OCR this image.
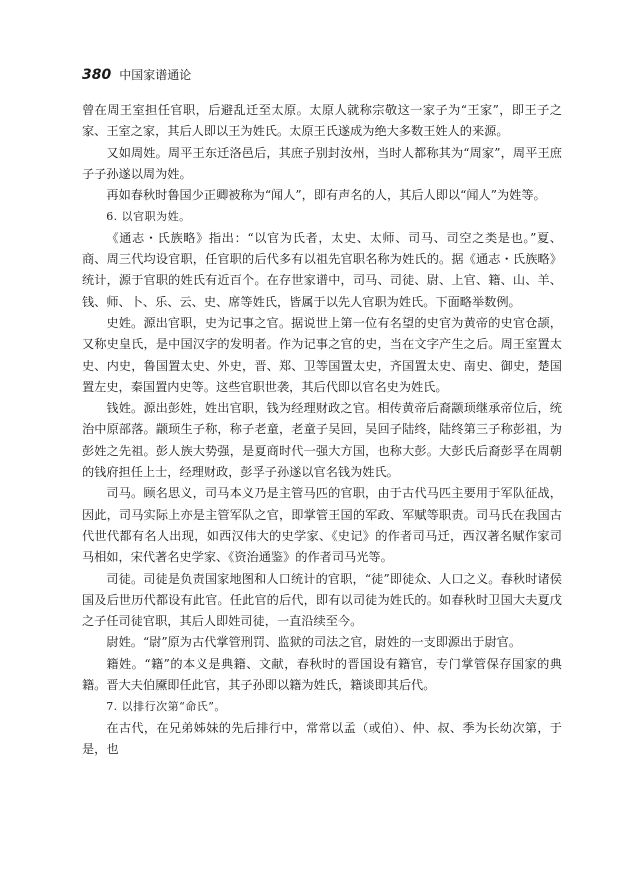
380 中国家谱通论

曾在周王室担任官职，后避乱迁至太原。太原人就称宗敬这一家子为“王家”，即王子之家、王室之家，其后人即以王为姓氏。太原王氏遂成为绝大多数王姓人的来源。

又如周姓。周平王东迁洛邑后，其庶子别封汝州，当时人都称其为“周家”，周平王庶子子孙遂以周为姓。

再如春秋时鲁国少正卿被称为“闻人”，即有声名的人，其后人即以“闻人”为姓等。

6. 以官职为姓。

《通志・氏族略》指出：“以官为氏者，太史、太师、司马、司空之类是也。”夏、商、周三代均设官职，任官职的后代多有以祖先官职名称为姓氏的。据《通志・氏族略》统计，源于官职的姓氏有近百个。在存世家谱中，司马、司徒、尉、上官、籍、山、羊、钱、师、卜、乐、云、史、席等姓氏，皆属于以先人官职为姓氏。下面略举数例。

史姓。源出官职，史为记事之官。据说世上第一位有名望的史官为黄帝的史官仓颉，又称史皇氏，是中国汉字的发明者。作为记事之官的史，当在文字产生之后。周王室置太史、内史，鲁国置太史、外史，晋、郑、卫等国置太史，齐国置太史、南史、御史，楚国置左史，秦国置内史等。这些官职世袭，其后代即以官名史为姓氏。

钱姓。源出彭姓，姓出官职，钱为经理财政之官。相传黄帝后裔颛顼继承帝位后，统治中原部落。颛顼生子称，称子老童，老童子吴回，吴回子陆终，陆终第三子称彭祖，为彭姓之先祖。彭人族大势强，是夏商时代一强大方国，也称大彭。大彭氏后裔彭孚在周朝的钱府担任上士，经理财政，彭孚子孙遂以官名钱为姓氏。

司马。顾名思义，司马本义乃是主管马匹的官职，由于古代马匹主要用于军队征战，因此，司马实际上亦是主管军队之官，即掌管王国的军政、军赋等职责。司马氏在我国古代世代都有名人出现，如西汉伟大的史学家、《史记》的作者司马迁，西汉著名赋作家司马相如，宋代著名史学家、《资治通鉴》的作者司马光等。

司徒。司徒是负责国家地图和人口统计的官职，“徒”即徒众、人口之义。春秋时诸侯国及后世历代都设有此官。任此官的后代，即有以司徒为姓氏的。如春秋时卫国大夫夏戊之子任司徒官职，其后人即姓司徒，一直沿续至今。

尉姓。“尉”原为古代掌管刑罚、监狱的司法之官，尉姓的一支即源出于尉官。

籍姓。“籍”的本义是典籍、文献，春秋时的晋国设有籍官，专门掌管保存国家的典籍。晋大夫伯黡即任此官，其子孙即以籍为姓氏，籍谈即其后代。

7. 以排行次第“命氏”。

在古代，在兄弟姊妹的先后排行中，常常以孟（或伯）、仲、叔、季为长幼次第，于是，也
